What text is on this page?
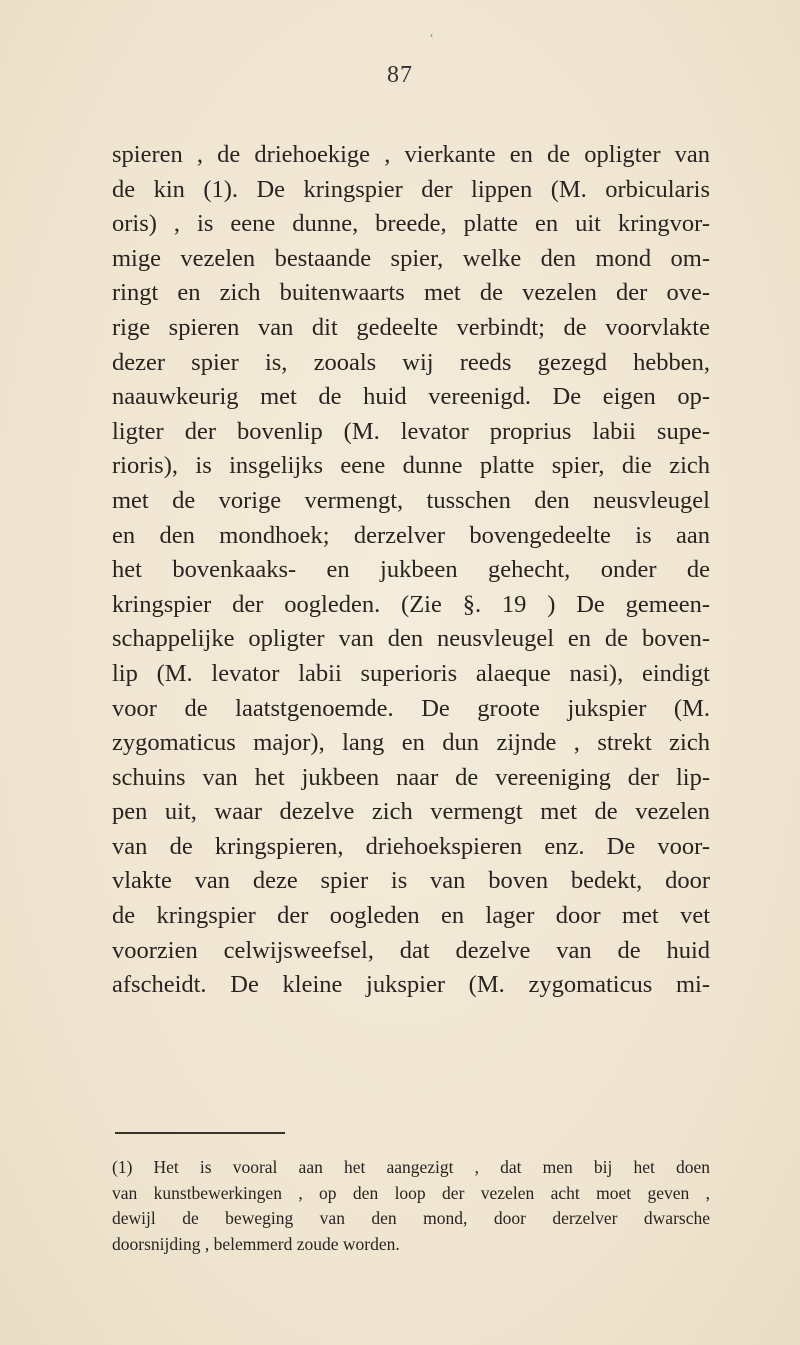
‹
87
spieren , de driehoekige , vierkante en de opligter van
de kin (1). De kringspier der lippen (M. orbicularis
oris) , is eene dunne, breede, platte en uit kringvor-
mige vezelen bestaande spier, welke den mond om-
ringt en zich buitenwaarts met de vezelen der ove-
rige spieren van dit gedeelte verbindt; de voorvlakte
dezer spier is, zooals wij reeds gezegd hebben,
naauwkeurig met de huid vereenigd. De eigen op-
ligter der bovenlip (M. levator proprius labii supe-
rioris), is insgelijks eene dunne platte spier, die zich
met de vorige vermengt, tusschen den neusvleugel
en den mondhoek; derzelver bovengedeelte is aan
het bovenkaaks- en jukbeen gehecht, onder de
kringspier der oogleden. (Zie §. 19 ) De gemeen-
schappelijke opligter van den neusvleugel en de boven-
lip (M. levator labii superioris alaeque nasi), eindigt
voor de laatstgenoemde. De groote jukspier (M.
zygomaticus major), lang en dun zijnde , strekt zich
schuins van het jukbeen naar de vereeniging der lip-
pen uit, waar dezelve zich vermengt met de vezelen
van de kringspieren, driehoekspieren enz. De voor-
vlakte van deze spier is van boven bedekt, door
de kringspier der oogleden en lager door met vet
voorzien celwijsweefsel, dat dezelve van de huid
afscheidt. De kleine jukspier (M. zygomaticus mi-
(1) Het is vooral aan het aangezigt , dat men bij het doen
van kunstbewerkingen , op den loop der vezelen acht moet geven ,
dewijl de beweging van den mond, door derzelver dwarsche
doorsnijding , belemmerd zoude worden.
